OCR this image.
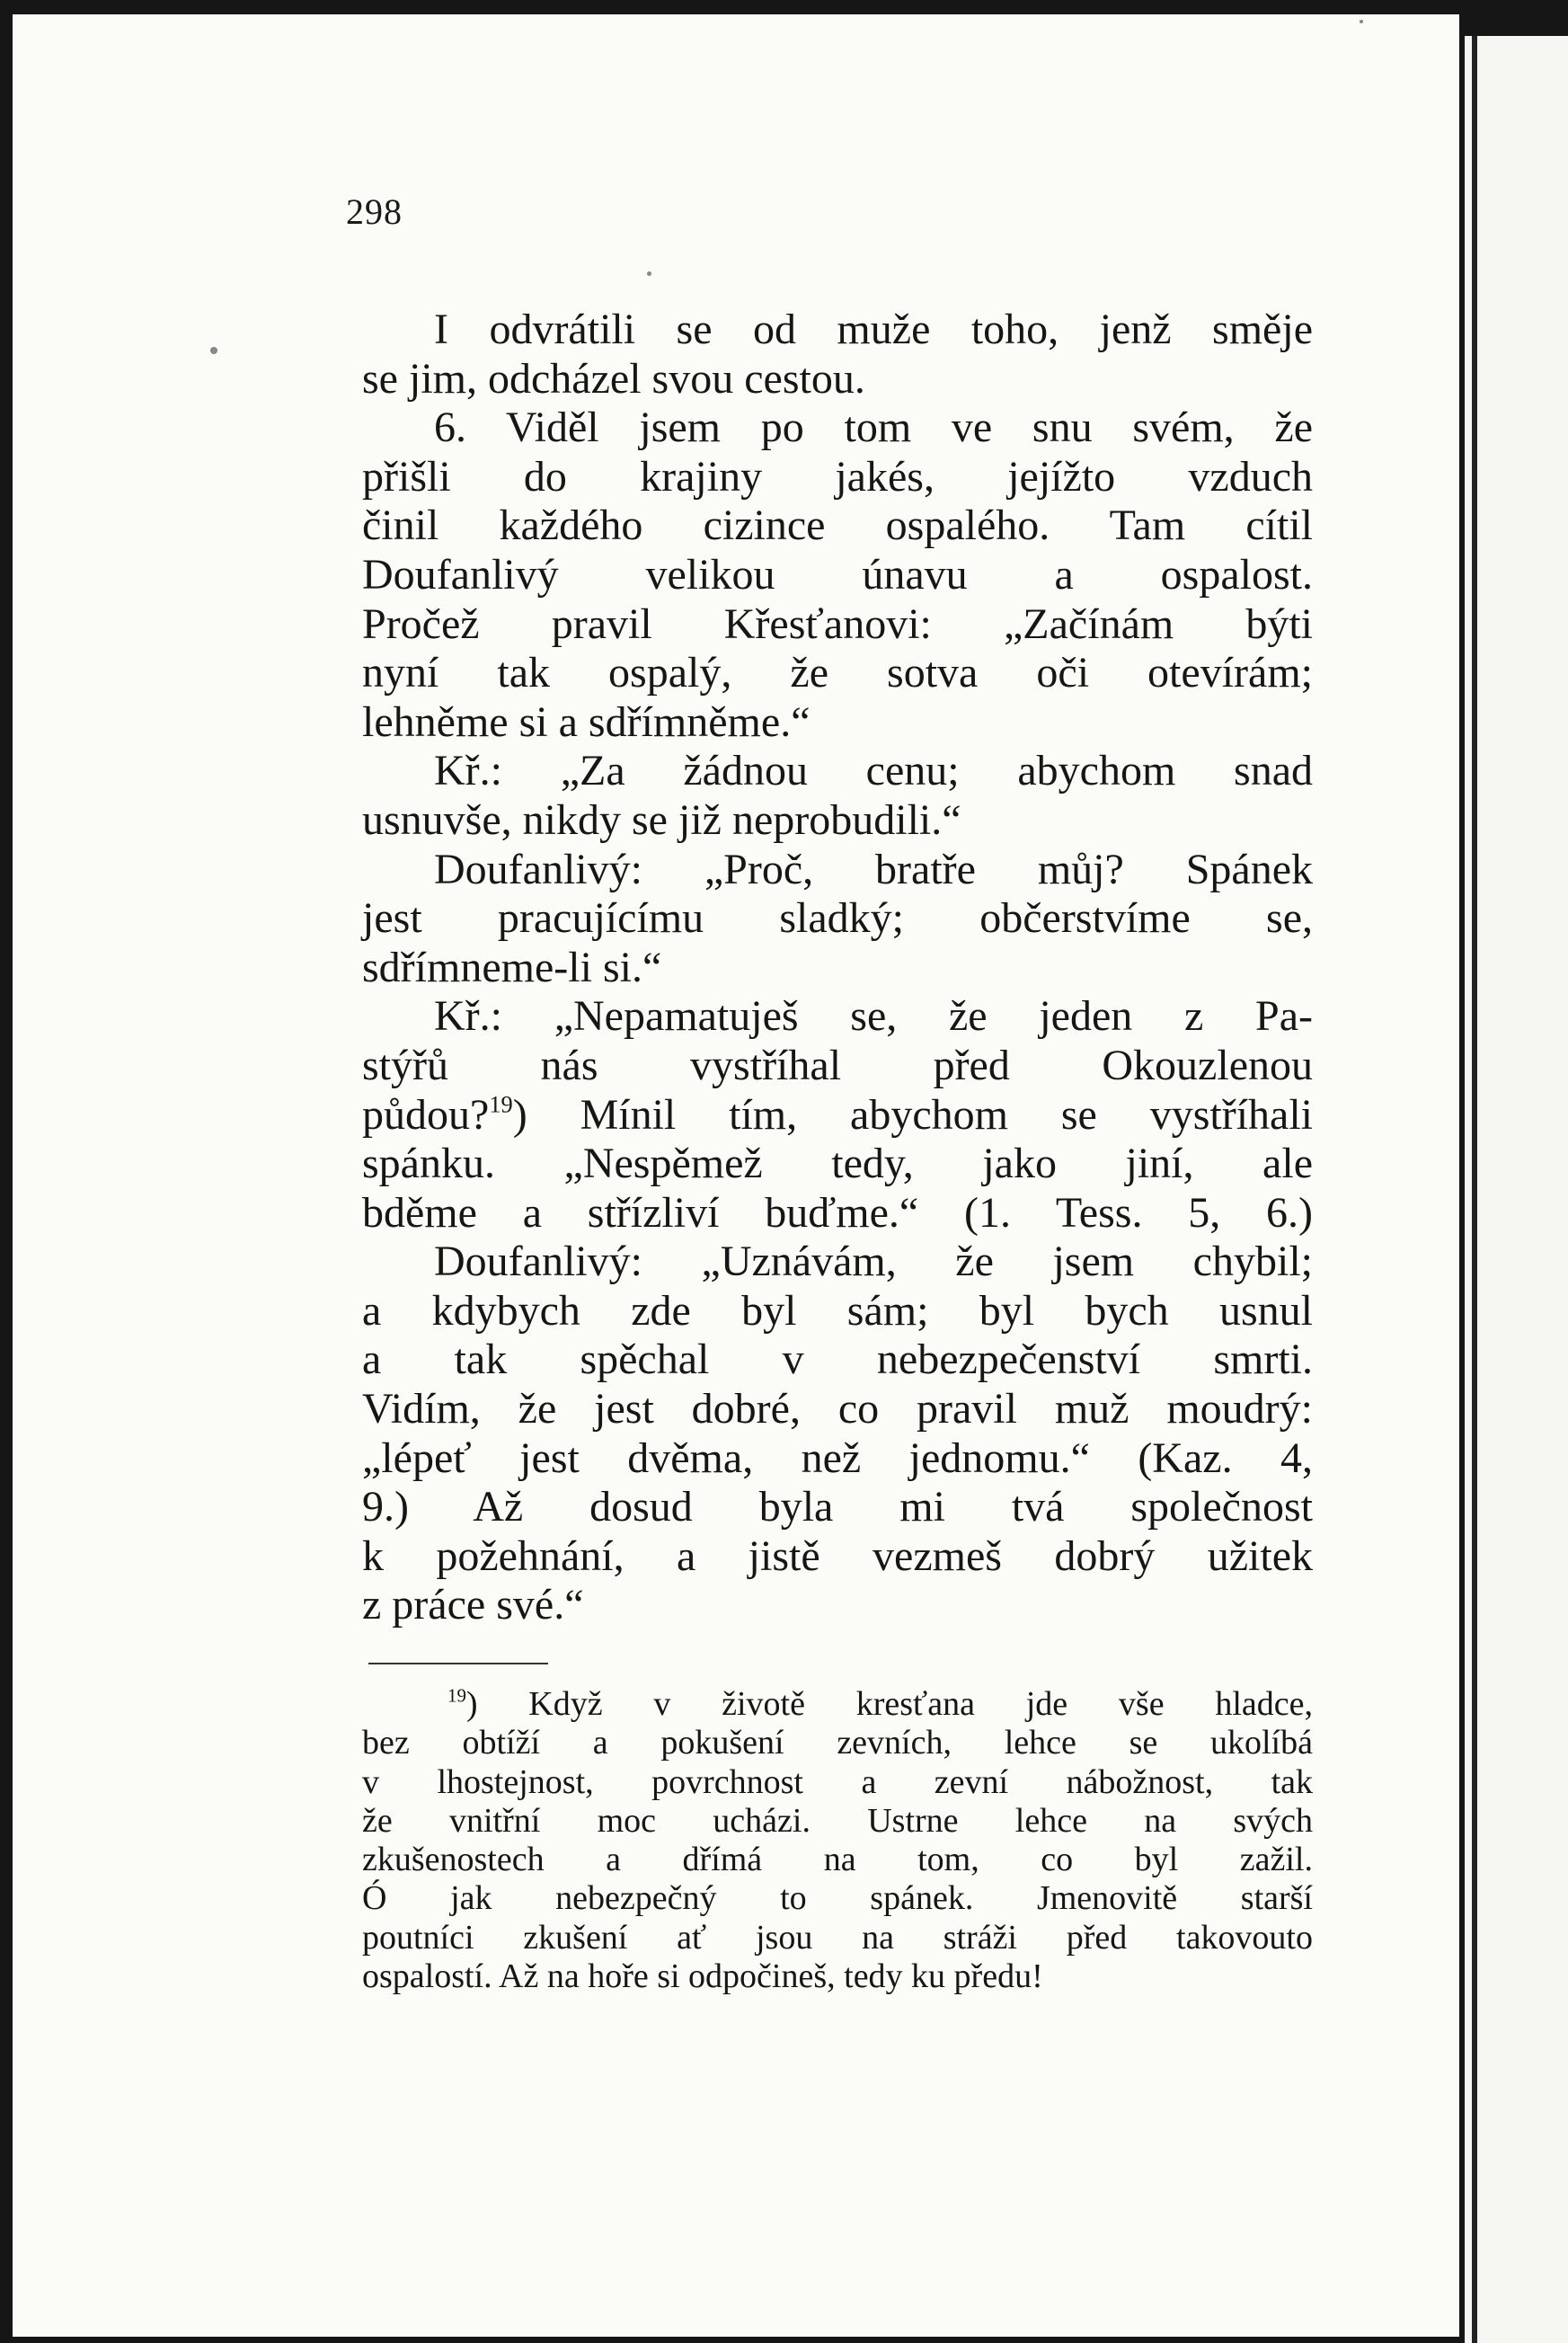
298
I odvrátili se od muže toho, jenž směje
se jim, odcházel svou cestou.
6. Viděl jsem po tom ve snu svém, že
přišli do krajiny jakés, jejížto vzduch
činil každého cizince ospalého. Tam cítil
Doufanlivý velikou únavu a ospalost.
Pročež pravil Křesťanovi: „Začínám býti
nyní tak ospalý, že sotva oči otevírám;
lehněme si a sdřímněme.“
Kř.: „Za žádnou cenu; abychom snad
usnuvše, nikdy se již neprobudili.“
Doufanlivý: „Proč, bratře můj? Spánek
jest pracujícímu sladký; občerstvíme se,
sdřímneme-li si.“
Kř.: „Nepamatuješ se, že jeden z Pa-
stýřů nás vystříhal před Okouzlenou
půdou?$^{19}$) Mínil tím, abychom se vystříhali
spánku. „Nespěmež tedy, jako jiní, ale
bděme a střízliví buďme.“ (1. Tess. 5, 6.)
Doufanlivý: „Uznávám, že jsem chybil;
a kdybych zde byl sám; byl bych usnul
a tak spěchal v nebezpečenství smrti.
Vidím, že jest dobré, co pravil muž moudrý:
„lépeť jest dvěma, než jednomu.“ (Kaz. 4,
9.) Až dosud byla mi tvá společnost
k požehnání, a jistě vezmeš dobrý užitek
z práce své.“
$^{19}$) Když v životě kresťana jde vše hladce,
bez obtíží a pokušení zevních, lehce se ukolíbá
v lhostejnost, povrchnost a zevní nábožnost, tak
že vnitřní moc ucházi. Ustrne lehce na svých
zkušenostech a dřímá na tom, co byl zažil.
Ó jak nebezpečný to spánek. Jmenovitě starší
poutníci zkušení ať jsou na stráži před takovouto
ospalostí. Až na hoře si odpočineš, tedy ku předu!
